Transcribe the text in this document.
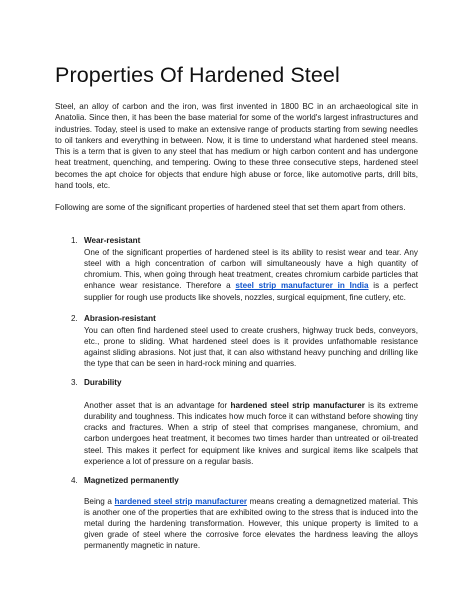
Properties Of Hardened Steel

Steel, an alloy of carbon and the iron, was first invented in 1800 BC in an archaeological site in Anatolia. Since then, it has been the base material for some of the world's largest infrastructures and industries. Today, steel is used to make an extensive range of products starting from sewing needles to oil tankers and everything in between. Now, it is time to understand what hardened steel means. This is a term that is given to any steel that has medium or high carbon content and has undergone heat treatment, quenching, and tempering. Owing to these three consecutive steps, hardened steel becomes the apt choice for objects that endure high abuse or force, like automotive parts, drill bits, hand tools, etc.

Following are some of the significant properties of hardened steel that set them apart from others.

1. Wear-resistant

One of the significant properties of hardened steel is its ability to resist wear and tear. Any steel with a high concentration of carbon will simultaneously have a high quantity of chromium. This, when going through heat treatment, creates chromium carbide particles that enhance wear resistance. Therefore a steel strip manufacturer in India is a perfect supplier for rough use products like shovels, nozzles, surgical equipment, fine cutlery, etc.

2. Abrasion-resistant

You can often find hardened steel used to create crushers, highway truck beds, conveyors, etc., prone to sliding. What hardened steel does is it provides unfathomable resistance against sliding abrasions. Not just that, it can also withstand heavy punching and drilling like the type that can be seen in hard-rock mining and quarries.

3. Durability

Another asset that is an advantage for hardened steel strip manufacturer is its extreme durability and toughness. This indicates how much force it can withstand before showing tiny cracks and fractures. When a strip of steel that comprises manganese, chromium, and carbon undergoes heat treatment, it becomes two times harder than untreated or oil-treated steel. This makes it perfect for equipment like knives and surgical items like scalpels that experience a lot of pressure on a regular basis.

4. Magnetized permanently

Being a hardened steel strip manufacturer means creating a demagnetized material. This is another one of the properties that are exhibited owing to the stress that is induced into the metal during the hardening transformation. However, this unique property is limited to a given grade of steel where the corrosive force elevates the hardness leaving the alloys permanently magnetic in nature.
